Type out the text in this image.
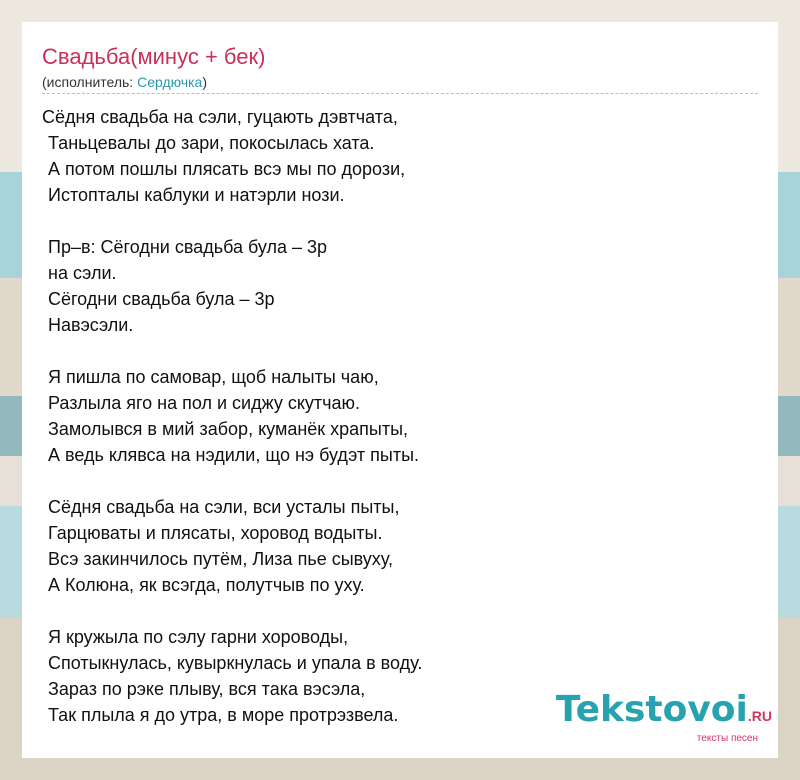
Свадьба(минус + бек)
(исполнитель: Сердючка)
Сёдня свадьба на сэли, гуцають дэвтчата,
Таньцевалы до зари, покосылась хата.
А потом пошлы плясать всэ мы по дорози,
Истопталы каблуки и натэрли нози.
Пр–в: Сёгодни свадьба була – 3р
на сэли.
Сёгодни свадьба була – 3р
Навэсэли.
Я пишла по самовар, щоб налыты чаю,
Разлыла яго на пол и сиджу скутчаю.
Замолывся в мий забор, куманёк храпыты,
А ведь клявса на нэдили, що нэ будэт пыты.
Сёдня свадьба на сэли, вси усталы пыты,
Гарцюваты и плясаты, хоровод водыты.
Всэ закинчилось путём, Лиза пье сывуху,
А Колюна, як всэгда, полутчыв по уху.
Я кружыла по сэлу гарни хороводы,
Спотыкнулась, кувыркнулась и упала в воду.
Зараз по рэке плыву, вся така вэсэла,
Так плыла я до утра, в море протрэзвела.	Tekstovoi.RU
тексты песен
